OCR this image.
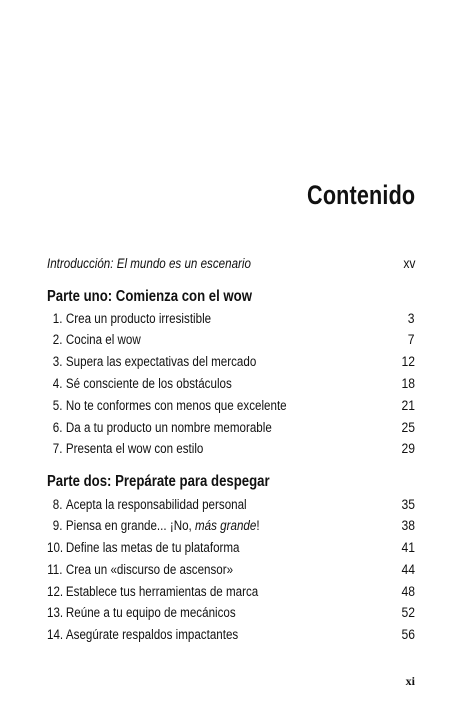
Contenido
Introducción: El mundo es un escenario	xv
Parte uno: Comienza con el wow
1. Crea un producto irresistible	3
2. Cocina el wow	7
3. Supera las expectativas del mercado	12
4. Sé consciente de los obstáculos	18
5. No te conformes con menos que excelente	21
6. Da a tu producto un nombre memorable	25
7. Presenta el wow con estilo	29
Parte dos: Prepárate para despegar
8. Acepta la responsabilidad personal	35
9. Piensa en grande... ¡No, más grande!	38
10. Define las metas de tu plataforma	41
11. Crea un «discurso de ascensor»	44
12. Establece tus herramientas de marca	48
13. Reúne a tu equipo de mecánicos	52
14. Asegúrate respaldos impactantes	56
xi
